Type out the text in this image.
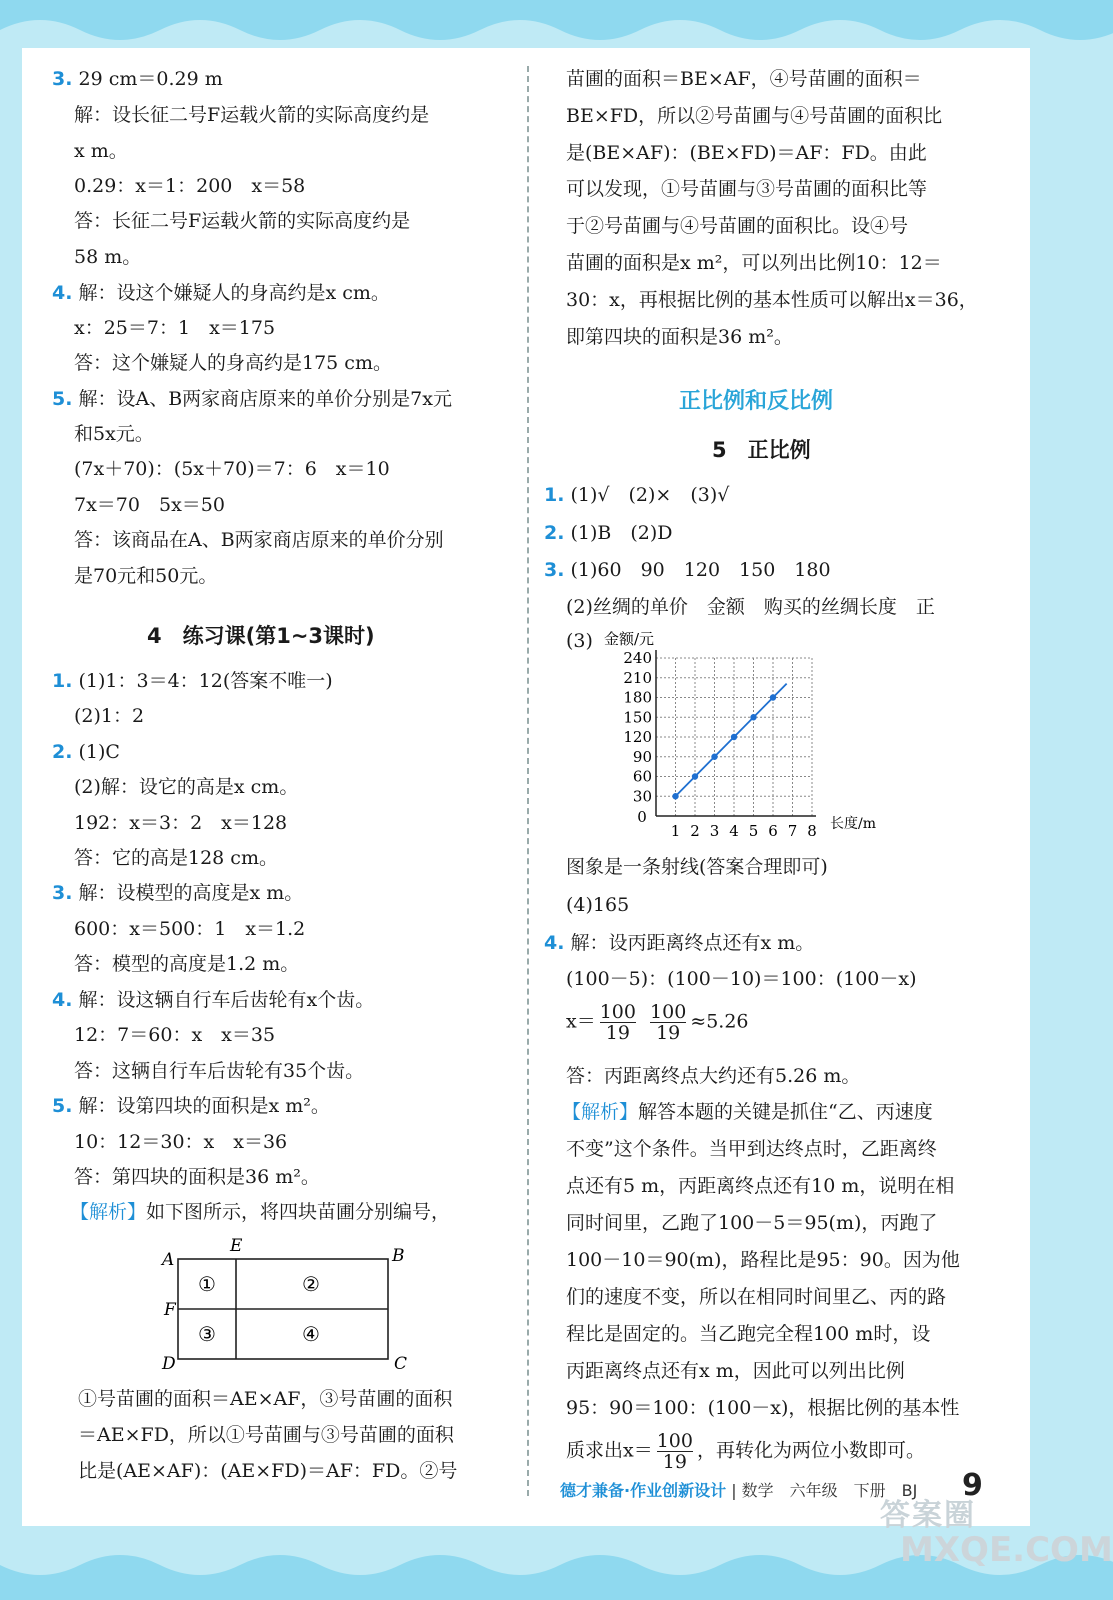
3. 29 cm＝0.29 m
解：设长征二号F运载火箭的实际高度约是
x m。
0.29：x＝1：200　x＝58
答：长征二号F运载火箭的实际高度约是
58 m。
4. 解：设这个嫌疑人的身高约是x cm。
x：25＝7：1　x＝175
答：这个嫌疑人的身高约是175 cm。
5. 解：设A、B两家商店原来的单价分别是7x元
和5x元。
(7x＋70)：(5x＋70)＝7：6　x＝10
7x＝70　5x＝50
答：该商品在A、B两家商店原来的单价分别
是70元和50元。
4　练习课(第1~3课时)
1. (1)1：3＝4：12(答案不唯一)
(2)1：2
2. (1)C
(2)解：设它的高是x cm。
192：x＝3：2　x＝128
答：它的高是128 cm。
3. 解：设模型的高度是x m。
600：x＝500：1　x＝1.2
答：模型的高度是1.2 m。
4. 解：设这辆自行车后齿轮有x个齿。
12：7＝60：x　x＝35
答：这辆自行车后齿轮有35个齿。
5. 解：设第四块的面积是x m²。
10：12＝30：x　x＝36
答：第四块的面积是36 m²。
【解析】如下图所示，将四块苗圃分别编号，
A
E	B
F
D	C
①	②
③	④
①号苗圃的面积＝AE×AF，③号苗圃的面积
＝AE×FD，所以①号苗圃与③号苗圃的面积
比是(AE×AF)：(AE×FD)＝AF：FD。②号
苗圃的面积＝BE×AF，④号苗圃的面积＝
BE×FD，所以②号苗圃与④号苗圃的面积比
是(BE×AF)：(BE×FD)＝AF：FD。由此
可以发现，①号苗圃与③号苗圃的面积比等
于②号苗圃与④号苗圃的面积比。设④号
苗圃的面积是x m²，可以列出比例10：12＝
30：x，再根据比例的基本性质可以解出x＝36，
即第四块的面积是36 m²。
正比例和反比例
5　正比例
1. (1)√　(2)×　(3)√
2. (1)B　(2)D
3. (1)60　90　120　150　180
(2)丝绸的单价　金额　购买的丝绸长度　正
(3) 金额/元
长度/m
0
1 2 3 4 5 6 7 8
30
60
90
120
150
180
210
240
图象是一条射线(答案合理即可)
(4)165
4. 解：设丙距离终点还有x m。
(100－5)：(100－10)＝100：(100－x)
$x= \frac{100}{19}$
$\frac{100}{19} \approx 5.26$
答：丙距离终点大约还有5.26 m。
【解析】解答本题的关键是抓住“乙、丙速度
不变”这个条件。当甲到达终点时，乙距离终
点还有5 m，丙距离终点还有10 m，说明在相
同时间里，乙跑了100－5＝95(m)，丙跑了
100－10＝90(m)，路程比是95：90。因为他
们的速度不变，所以在相同时间里乙、丙的路
程比是固定的。当乙跑完全程100 m时，设
丙距离终点还有x m，因此可以列出比例
95：90＝100：(100－x)，根据比例的基本性
质求出$x= \frac{100}{19}$ ，再转化为两位小数即可。
德才兼备·作业创新设计 | 数学　六年级　下册　BJ
答案圈
9
MXQE.COM
